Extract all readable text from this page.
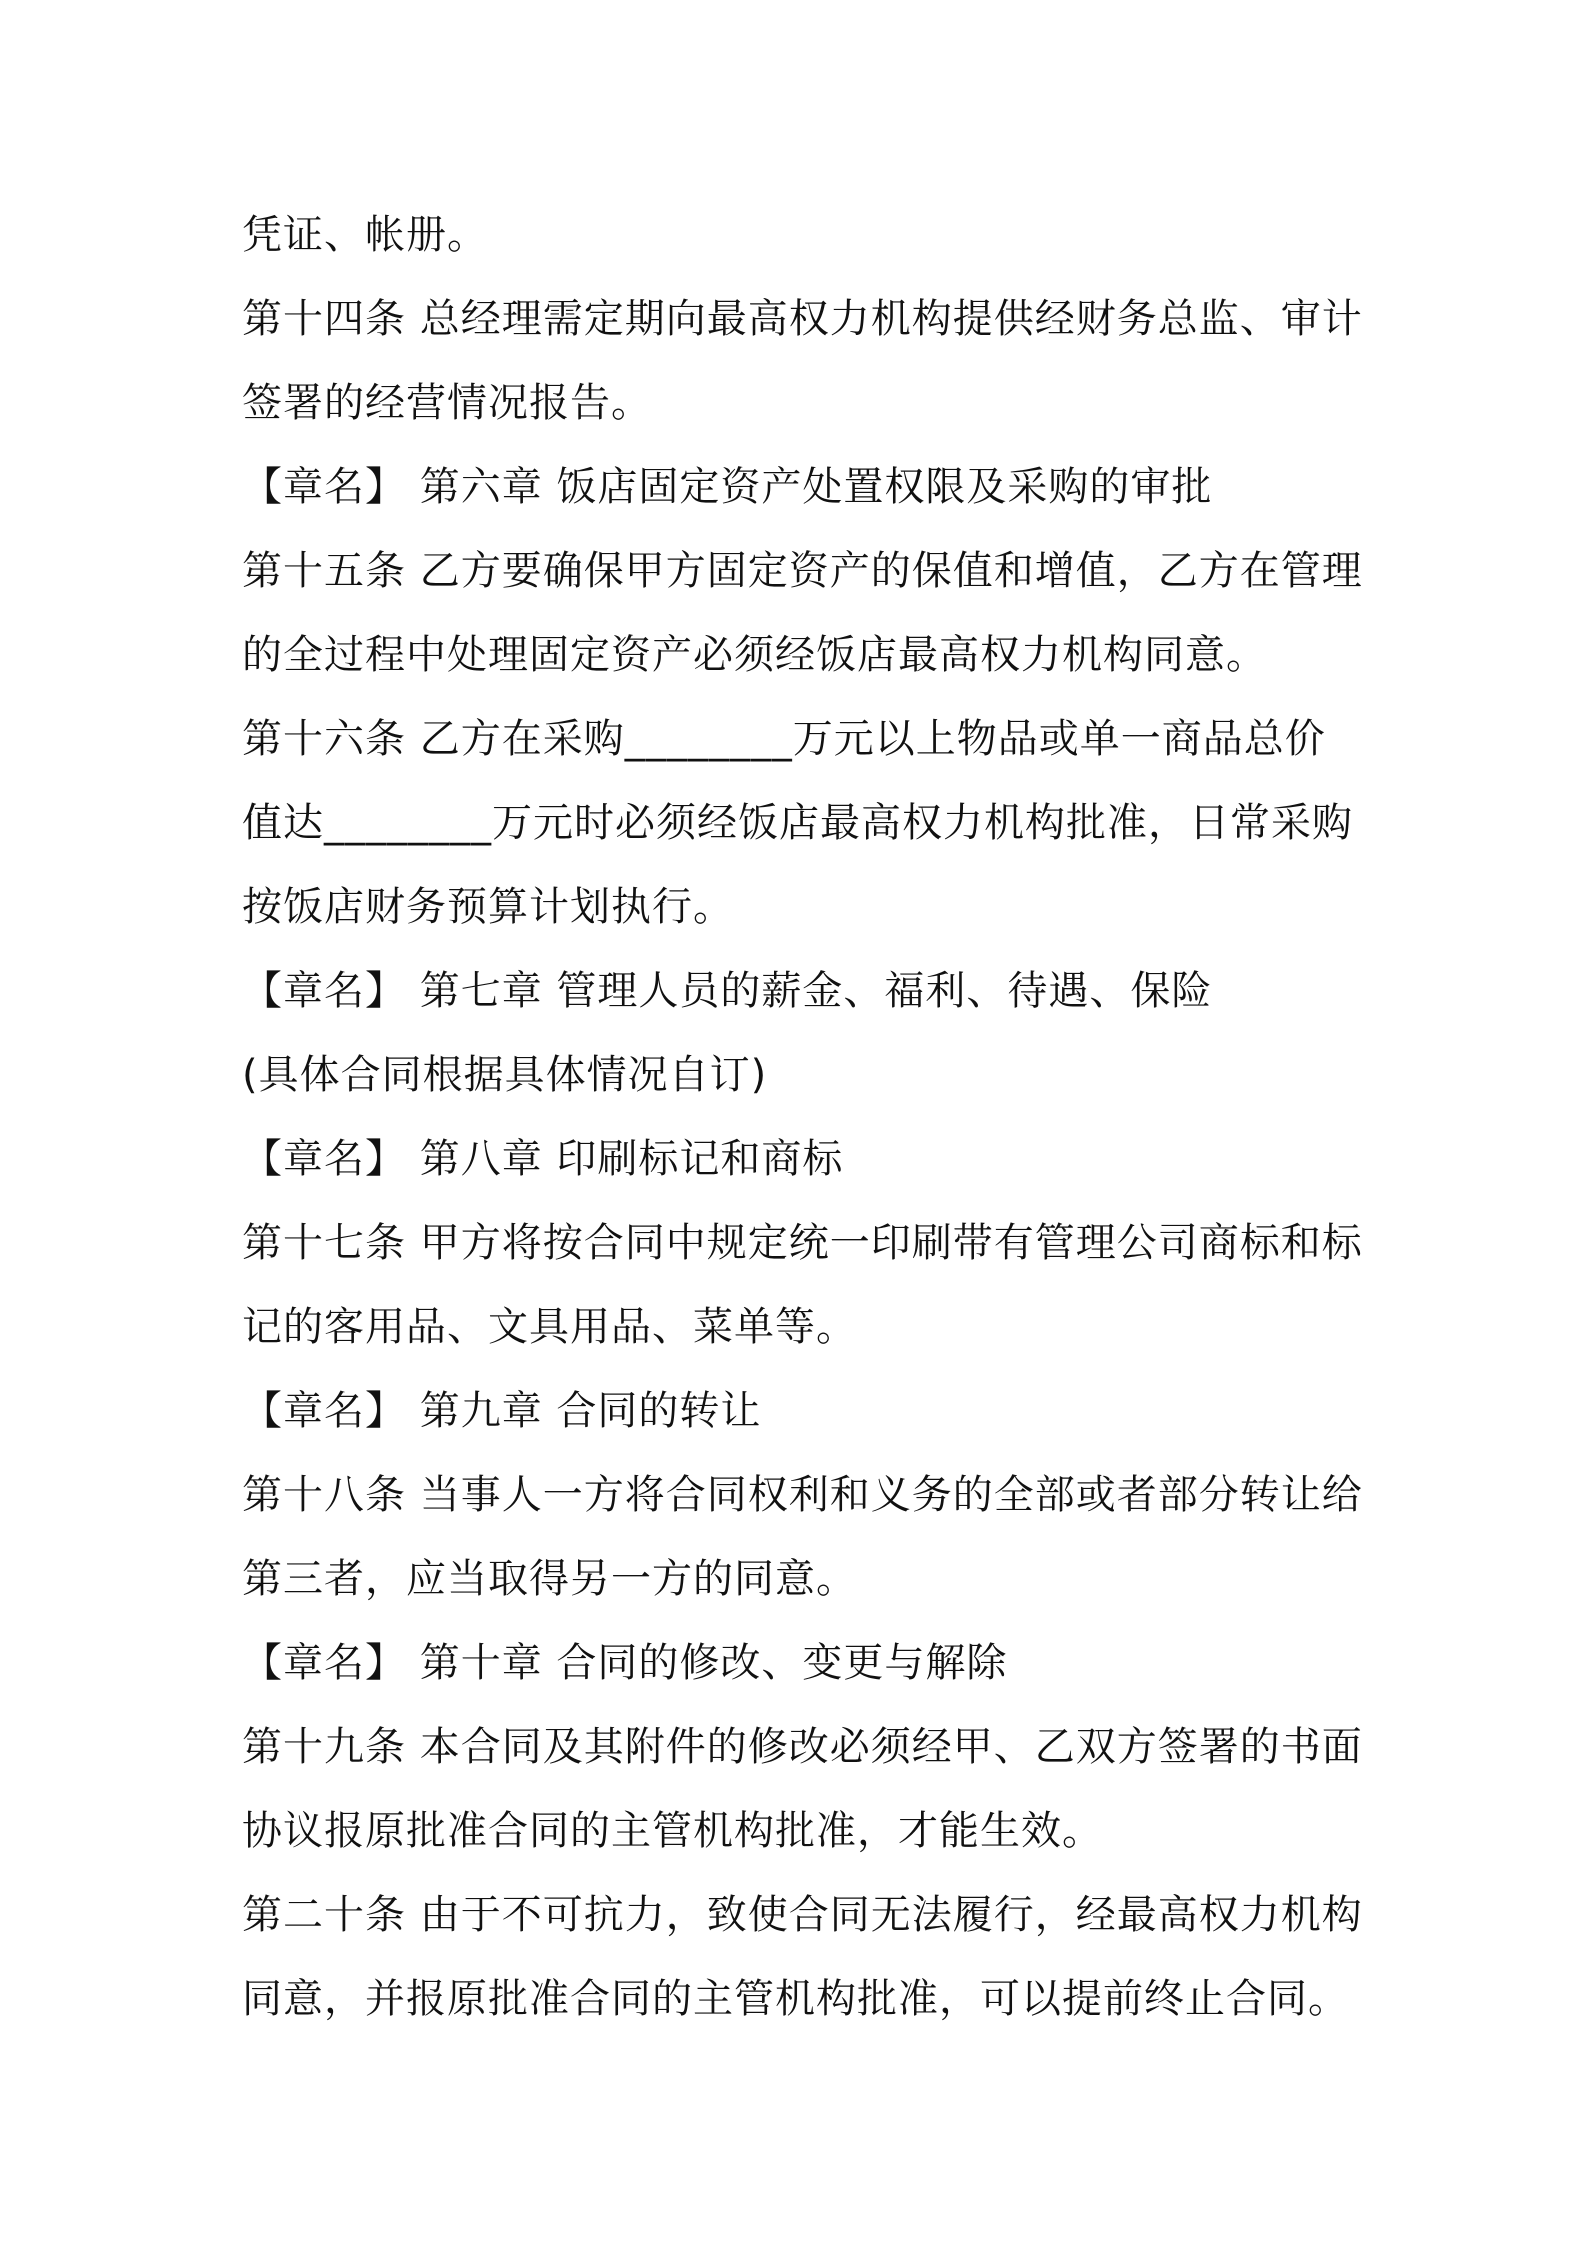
凭证、帐册。
第十四条 总经理需定期向最高权力机构提供经财务总监、审计
签署的经营情况报告。
【章名】 第六章 饭店固定资产处置权限及采购的审批
第十五条 乙方要确保甲方固定资产的保值和增值，乙方在管理
的全过程中处理固定资产必须经饭店最高权力机构同意。
第十六条 乙方在采购________万元以上物品或单一商品总价
值达________万元时必须经饭店最高权力机构批准，日常采购
按饭店财务预算计划执行。
【章名】 第七章 管理人员的薪金、福利、待遇、保险
(具体合同根据具体情况自订)
【章名】 第八章 印刷标记和商标
第十七条 甲方将按合同中规定统一印刷带有管理公司商标和标
记的客用品、文具用品、菜单等。
【章名】 第九章 合同的转让
第十八条 当事人一方将合同权利和义务的全部或者部分转让给
第三者，应当取得另一方的同意。
【章名】 第十章 合同的修改、变更与解除
第十九条 本合同及其附件的修改必须经甲、乙双方签署的书面
协议报原批准合同的主管机构批准，才能生效。
第二十条 由于不可抗力，致使合同无法履行，经最高权力机构
同意，并报原批准合同的主管机构批准，可以提前终止合同。
